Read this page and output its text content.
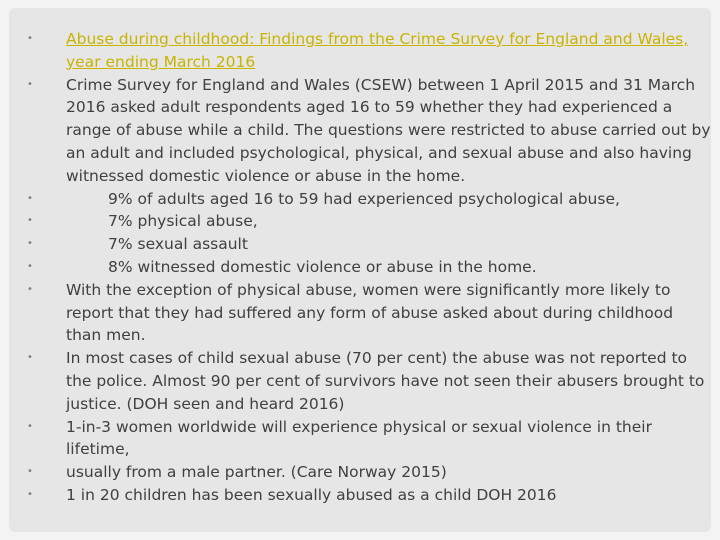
• Abuse during childhood: Findings from the Crime Survey for England and Wales, year ending March 2016
• Crime Survey for England and Wales (CSEW) between 1 April 2015 and 31 March 2016 asked adult respondents aged 16 to 59 whether they had experienced a range of abuse while a child. The questions were restricted to abuse carried out by an adult and included psychological, physical, and sexual abuse and also having witnessed domestic violence or abuse in the home.
• 9% of adults aged 16 to 59 had experienced psychological abuse,
• 7% physical abuse,
• 7% sexual assault
• 8% witnessed domestic violence or abuse in the home.
• With the exception of physical abuse, women were significantly more likely to report that they had suffered any form of abuse asked about during childhood than men.
• In most cases of child sexual abuse (70 per cent) the abuse was not reported to the police. Almost 90 per cent of survivors have not seen their abusers brought to justice. (DOH seen and heard 2016)
• 1-in-3 women worldwide will experience physical or sexual violence in their lifetime,
• usually from a male partner. (Care Norway 2015)
• 1 in 20 children has been sexually abused as a child DOH 2016
